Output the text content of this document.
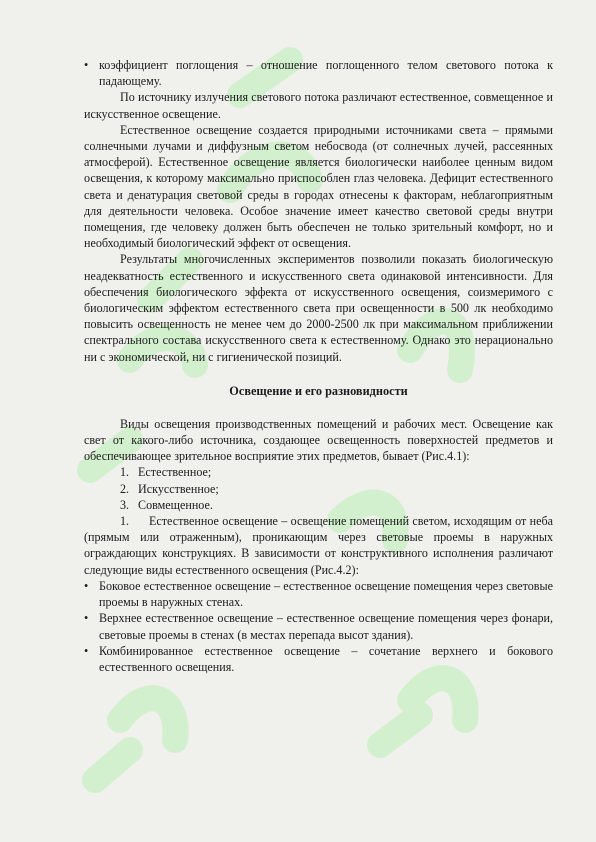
• коэффициент поглощения – отношение поглощенного телом светового потока к падающему.

По источнику излучения светового потока различают естественное, совмещенное и искусственное освещение.

Естественное освещение создается природными источниками света – прямыми солнечными лучами и диффузным светом небосвода (от солнечных лучей, рассеянных атмосферой). Естественное освещение является биологически наиболее ценным видом освещения, к которому максимально приспособлен глаз человека. Дефицит естественного света и денатурация световой среды в городах отнесены к факторам, неблагоприятным для деятельности человека. Особое значение имеет качество световой среды внутри помещения, где человеку должен быть обеспечен не только зрительный комфорт, но и необходимый биологический эффект от освещения.

Результаты многочисленных экспериментов позволили показать биологическую неадекватность естественного и искусственного света одинаковой интенсивности. Для обеспечения биологического эффекта от искусственного освещения, соизмеримого с биологическим эффектом естественного света при освещенности в 500 лк необходимо повысить освещенность не менее чем до 2000-2500 лк при максимальном приближении спектрального состава искусственного света к естественному. Однако это нерационально ни с экономической, ни с гигиенической позиций.

Освещение и его разновидности

Виды освещения производственных помещений и рабочих мест. Освещение как свет от какого-либо источника, создающее освещенность поверхностей предметов и обеспечивающее зрительное восприятие этих предметов, бывает (Рис.4.1):

1. Естественное;

2. Искусственное;

3. Совмещенное.

1. Естественное освещение – освещение помещений светом, исходящим от неба (прямым или отраженным), проникающим через световые проемы в наружных ограждающих конструкциях. В зависимости от конструктивного исполнения различают следующие виды естественного освещения (Рис.4.2):

• Боковое естественное освещение – естественное освещение помещения через световые проемы в наружных стенах.

• Верхнее естественное освещение – естественное освещение помещения через фонари, световые проемы в стенах (в местах перепада высот здания).

• Комбинированное естественное освещение – сочетание верхнего и бокового естественного освещения.
